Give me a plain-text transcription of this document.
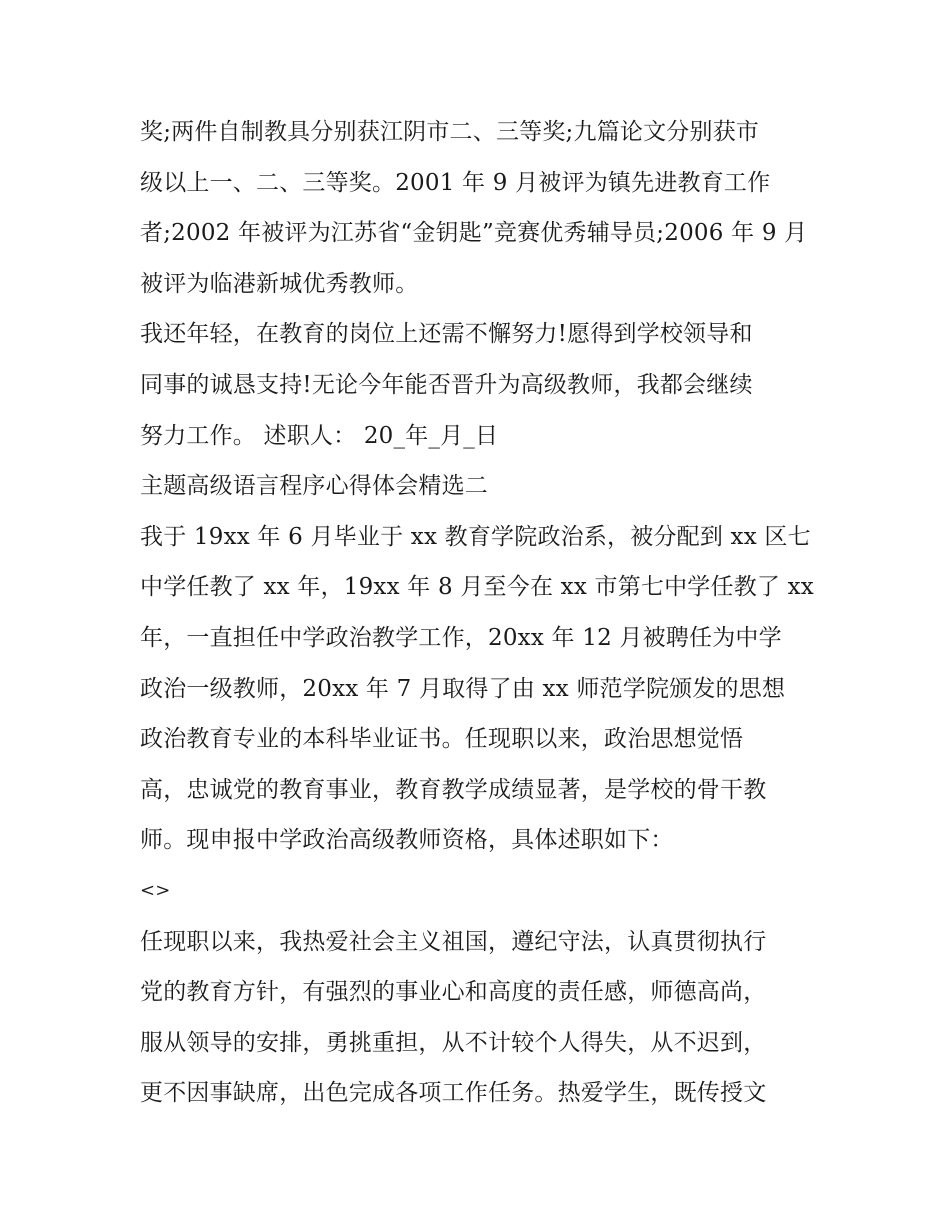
奖;两件自制教具分别获江阴市二、三等奖;九篇论文分别获市
级以上一、二、三等奖。2001 年 9 月被评为镇先进教育工作
者;2002 年被评为江苏省“金钥匙”竞赛优秀辅导员;2006 年 9 月
被评为临港新城优秀教师。
我还年轻，在教育的岗位上还需不懈努力!愿得到学校领导和
同事的诚恳支持!无论今年能否晋升为高级教师，我都会继续
努力工作。 述职人： 20_年_月_日
主题高级语言程序心得体会精选二
我于 19xx 年 6 月毕业于 xx 教育学院政治系，被分配到 xx 区七
中学任教了 xx 年，19xx 年 8 月至今在 xx 市第七中学任教了 xx
年，一直担任中学政治教学工作，20xx 年 12 月被聘任为中学
政治一级教师，20xx 年 7 月取得了由 xx 师范学院颁发的思想
政治教育专业的本科毕业证书。任现职以来，政治思想觉悟
高，忠诚党的教育事业，教育教学成绩显著，是学校的骨干教
师。现申报中学政治高级教师资格，具体述职如下：
<>
任现职以来，我热爱社会主义祖国，遵纪守法，认真贯彻执行
党的教育方针，有强烈的事业心和高度的责任感，师德高尚，
服从领导的安排，勇挑重担，从不计较个人得失，从不迟到，
更不因事缺席，出色完成各项工作任务。热爱学生，既传授文
